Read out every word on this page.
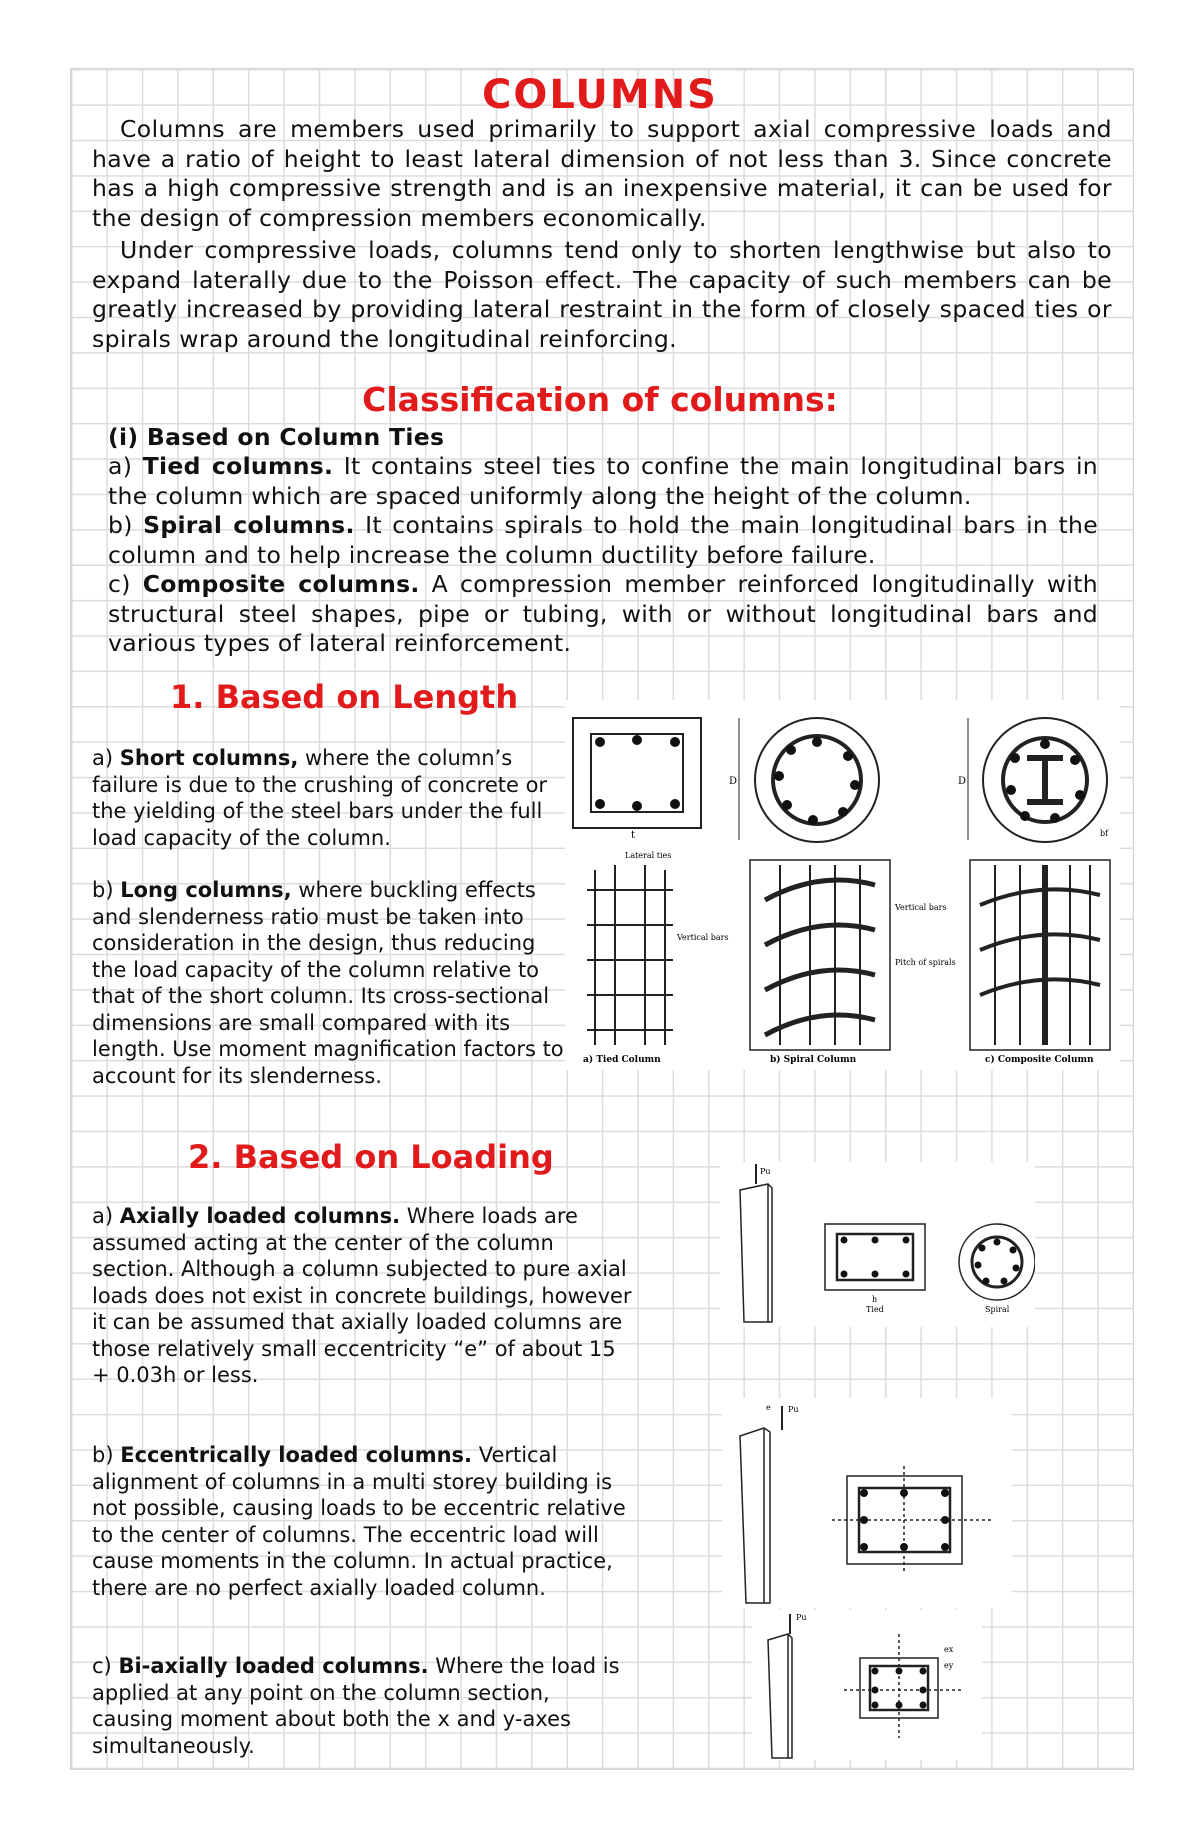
COLUMNS

Columns are members used primarily to support axial compressive loads and have a ratio of height to least lateral dimension of not less than 3. Since concrete has a high compressive strength and is an inexpensive material, it can be used for the design of compression members economically.

Under compressive loads, columns tend only to shorten lengthwise but also to expand laterally due to the Poisson effect. The capacity of such members can be greatly increased by providing lateral restraint in the form of closely spaced ties or spirals wrap around the longitudinal reinforcing.

Classification of columns:

(i) Based on Column Ties

a) Tied columns. It contains steel ties to confine the main longitudinal bars in the column which are spaced uniformly along the height of the column.

b) Spiral columns. It contains spirals to hold the main longitudinal bars in the column and to help increase the column ductility before failure.

c) Composite columns. A compression member reinforced longitudinally with structural steel shapes, pipe or tubing, with or without longitudinal bars and various types of lateral reinforcement.

1. Based on Length

a) Short columns, where the column’s failure is due to the crushing of concrete or the yielding of the steel bars under the full load capacity of the column.

b) Long columns, where buckling effects and slenderness ratio must be taken into consideration in the design, thus reducing the load capacity of the column relative to that of the short column. Its cross-sectional dimensions are small compared with its length. Use moment magnification factors to account for its slenderness.

D
t
D
bf
Lateral ties
Vertical bars
Vertical bars
Pitch of spirals
a) Tied Column	b) Spiral Column	c) Composite Column
2. Based on Loading

a) Axially loaded columns. Where loads are assumed acting at the center of the column section. Although a column subjected to pure axial loads does not exist in concrete buildings, however it can be assumed that axially loaded columns are those relatively small eccentricity “e” of about 15 + 0.03h or less.

b) Eccentrically loaded columns. Vertical alignment of columns in a multi storey building is not possible, causing loads to be eccentric relative to the center of columns. The eccentric load will cause moments in the column. In actual practice, there are no perfect axially loaded column.

c) Bi-axially loaded columns. Where the load is applied at any point on the column section, causing moment about both the x and y-axes simultaneously.

Pu
h
Tied	Spiral
Pu
e
Pu
ex
ey
